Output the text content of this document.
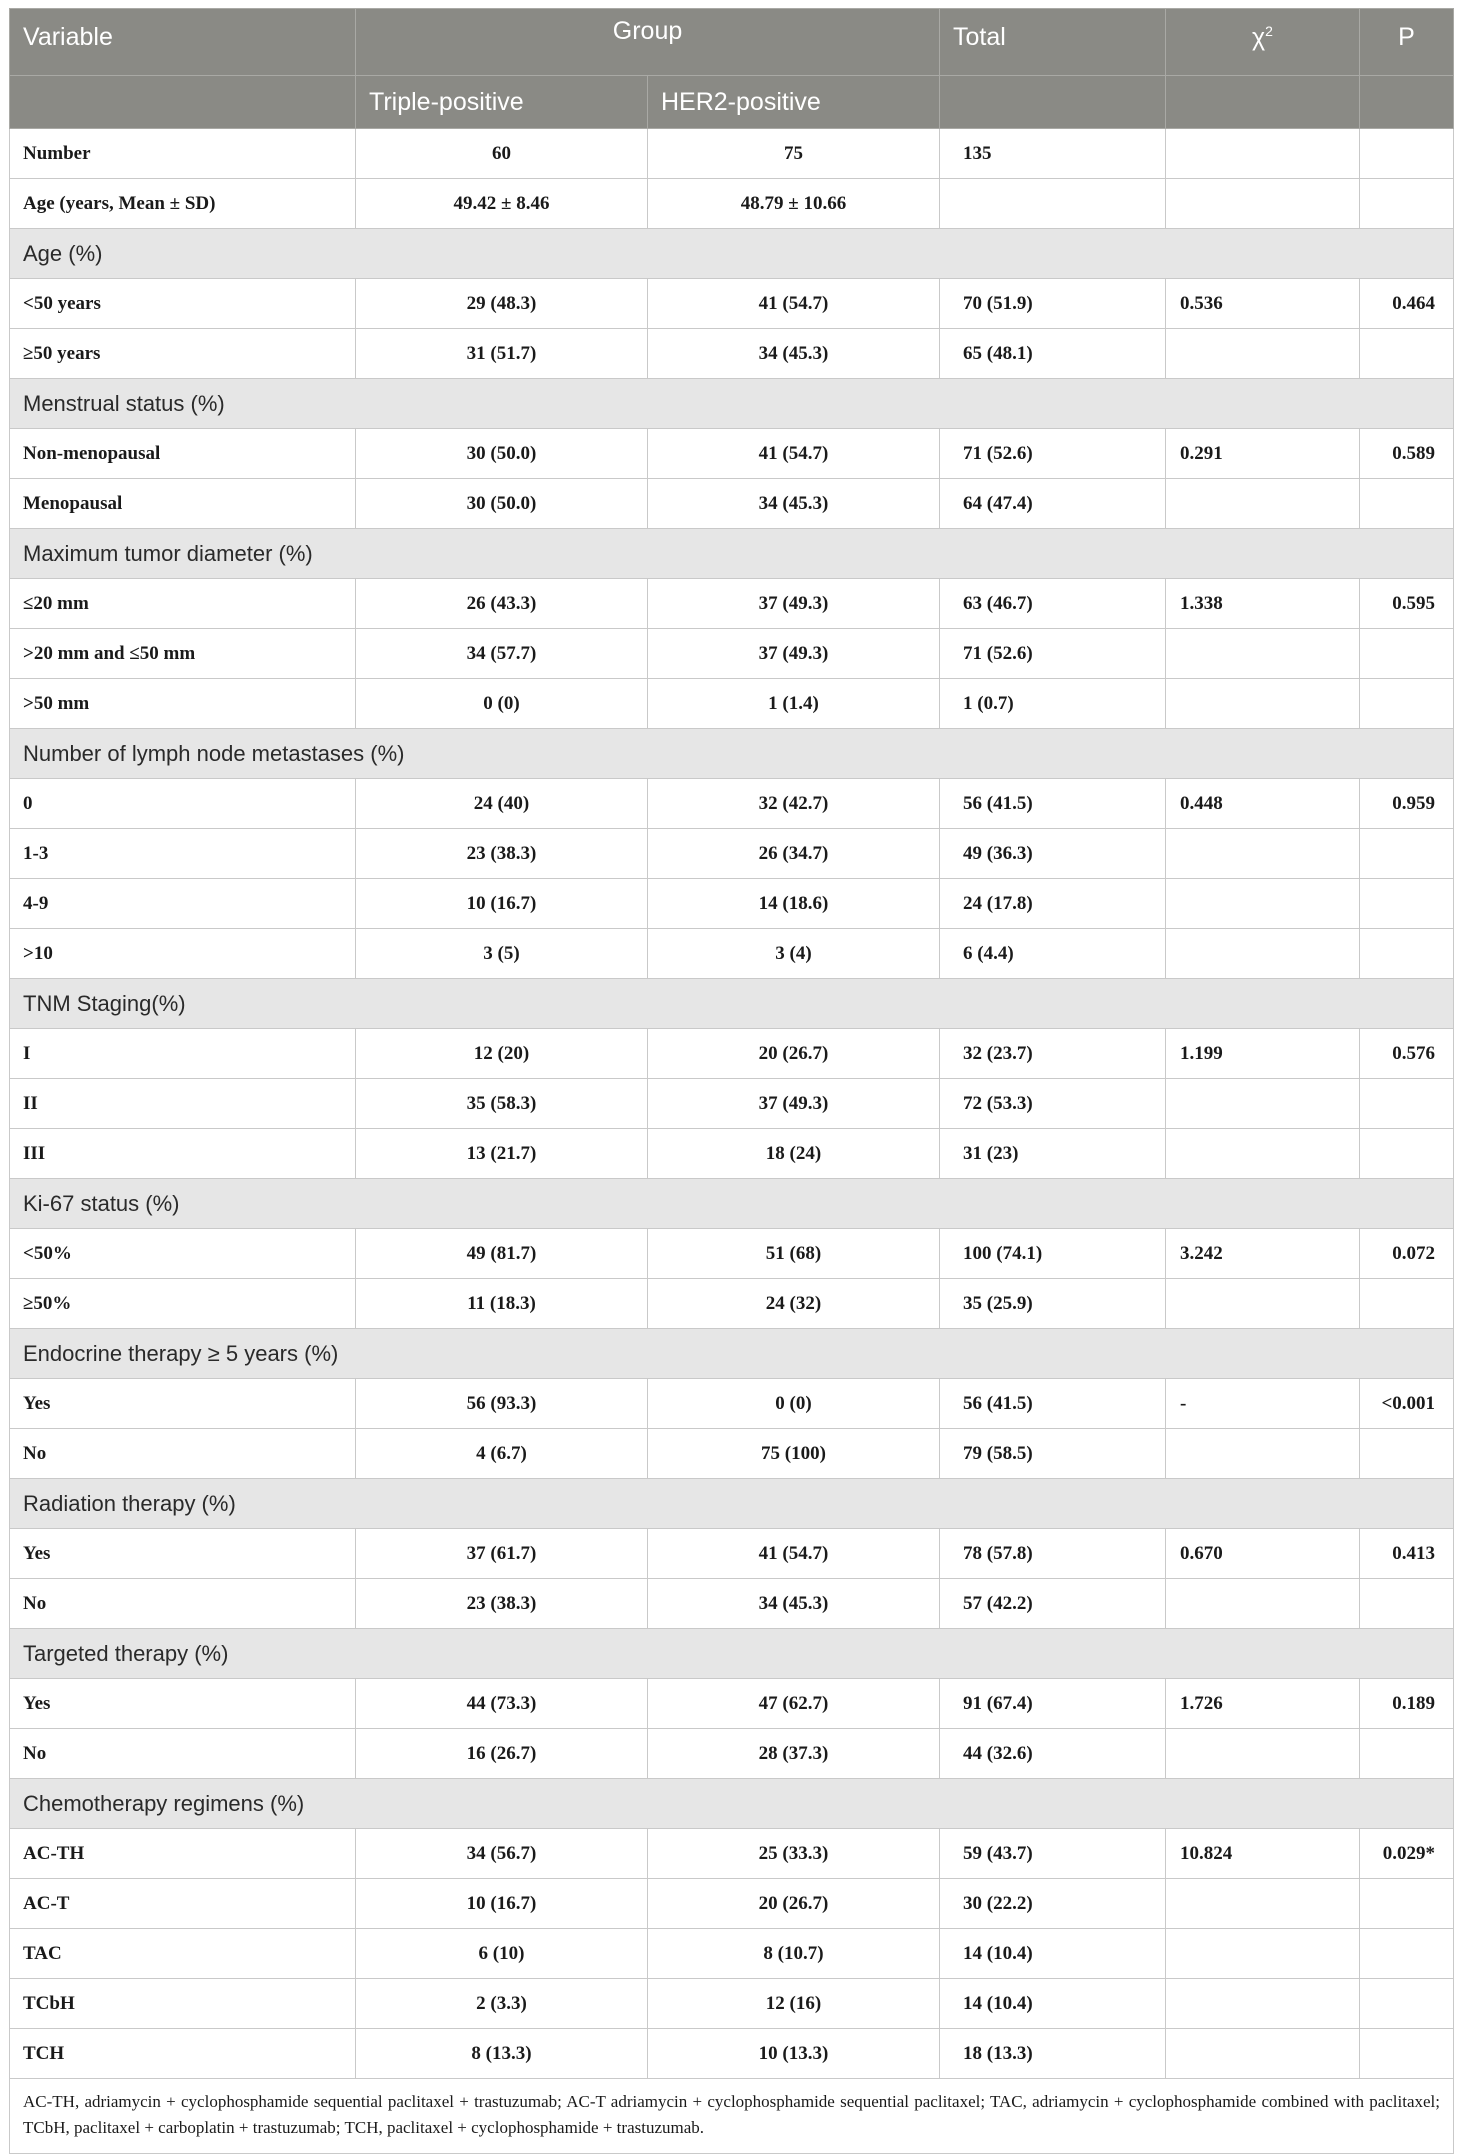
Variable	Group		Total	$\chi^2$	P
	Triple-positive	HER2-positive			
Number	60	75	135		
Age (years, Mean ± SD)	49.42 ± 8.46	48.79 ± 10.66			
Age (%)					
<50 years	29 (48.3)	41 (54.7)	70 (51.9)	0.536	0.464
≥50 years	31 (51.7)	34 (45.3)	65 (48.1)		
Menstrual status (%)					
Non-menopausal	30 (50.0)	41 (54.7)	71 (52.6)	0.291	0.589
Menopausal	30 (50.0)	34 (45.3)	64 (47.4)		
Maximum tumor diameter (%)					
≤20 mm	26 (43.3)	37 (49.3)	63 (46.7)	1.338	0.595
>20 mm and ≤50 mm	34 (57.7)	37 (49.3)	71 (52.6)		
>50 mm	0 (0)	1 (1.4)	1 (0.7)		
Number of lymph node metastases (%)					
0	24 (40)	32 (42.7)	56 (41.5)	0.448	0.959
1-3	23 (38.3)	26 (34.7)	49 (36.3)		
4-9	10 (16.7)	14 (18.6)	24 (17.8)		
>10	3 (5)	3 (4)	6 (4.4)		
TNM Staging(%)					
I	12 (20)	20 (26.7)	32 (23.7)	1.199	0.576
II	35 (58.3)	37 (49.3)	72 (53.3)		
III	13 (21.7)	18 (24)	31 (23)		
Ki-67 status (%)					
<50%	49 (81.7)	51 (68)	100 (74.1)	3.242	0.072
≥50%	11 (18.3)	24 (32)	35 (25.9)		
Endocrine therapy ≥ 5 years (%)					
Yes	56 (93.3)	0 (0)	56 (41.5)	-	<0.001
No	4 (6.7)	75 (100)	79 (58.5)		
Radiation therapy (%)					
Yes	37 (61.7)	41 (54.7)	78 (57.8)	0.670	0.413
No	23 (38.3)	34 (45.3)	57 (42.2)		
Targeted therapy (%)					
Yes	44 (73.3)	47 (62.7)	91 (67.4)	1.726	0.189
No	16 (26.7)	28 (37.3)	44 (32.6)		
Chemotherapy regimens (%)					
AC-TH	34 (56.7)	25 (33.3)	59 (43.7)	10.824	0.029*
AC-T	10 (16.7)	20 (26.7)	30 (22.2)		
TAC	6 (10)	8 (10.7)	14 (10.4)		
TCbH	2 (3.3)	12 (16)	14 (10.4)		
TCH	8 (13.3)	10 (13.3)	18 (13.3)		
AC-TH, adriamycin + cyclophosphamide sequential paclitaxel + trastuzumab; AC-T adriamycin + cyclophosphamide sequential paclitaxel; TAC, adriamycin + cyclophosphamide combined with paclitaxel; TCbH, paclitaxel + carboplatin + trastuzumab; TCH, paclitaxel + cyclophosphamide + trastuzumab.					
